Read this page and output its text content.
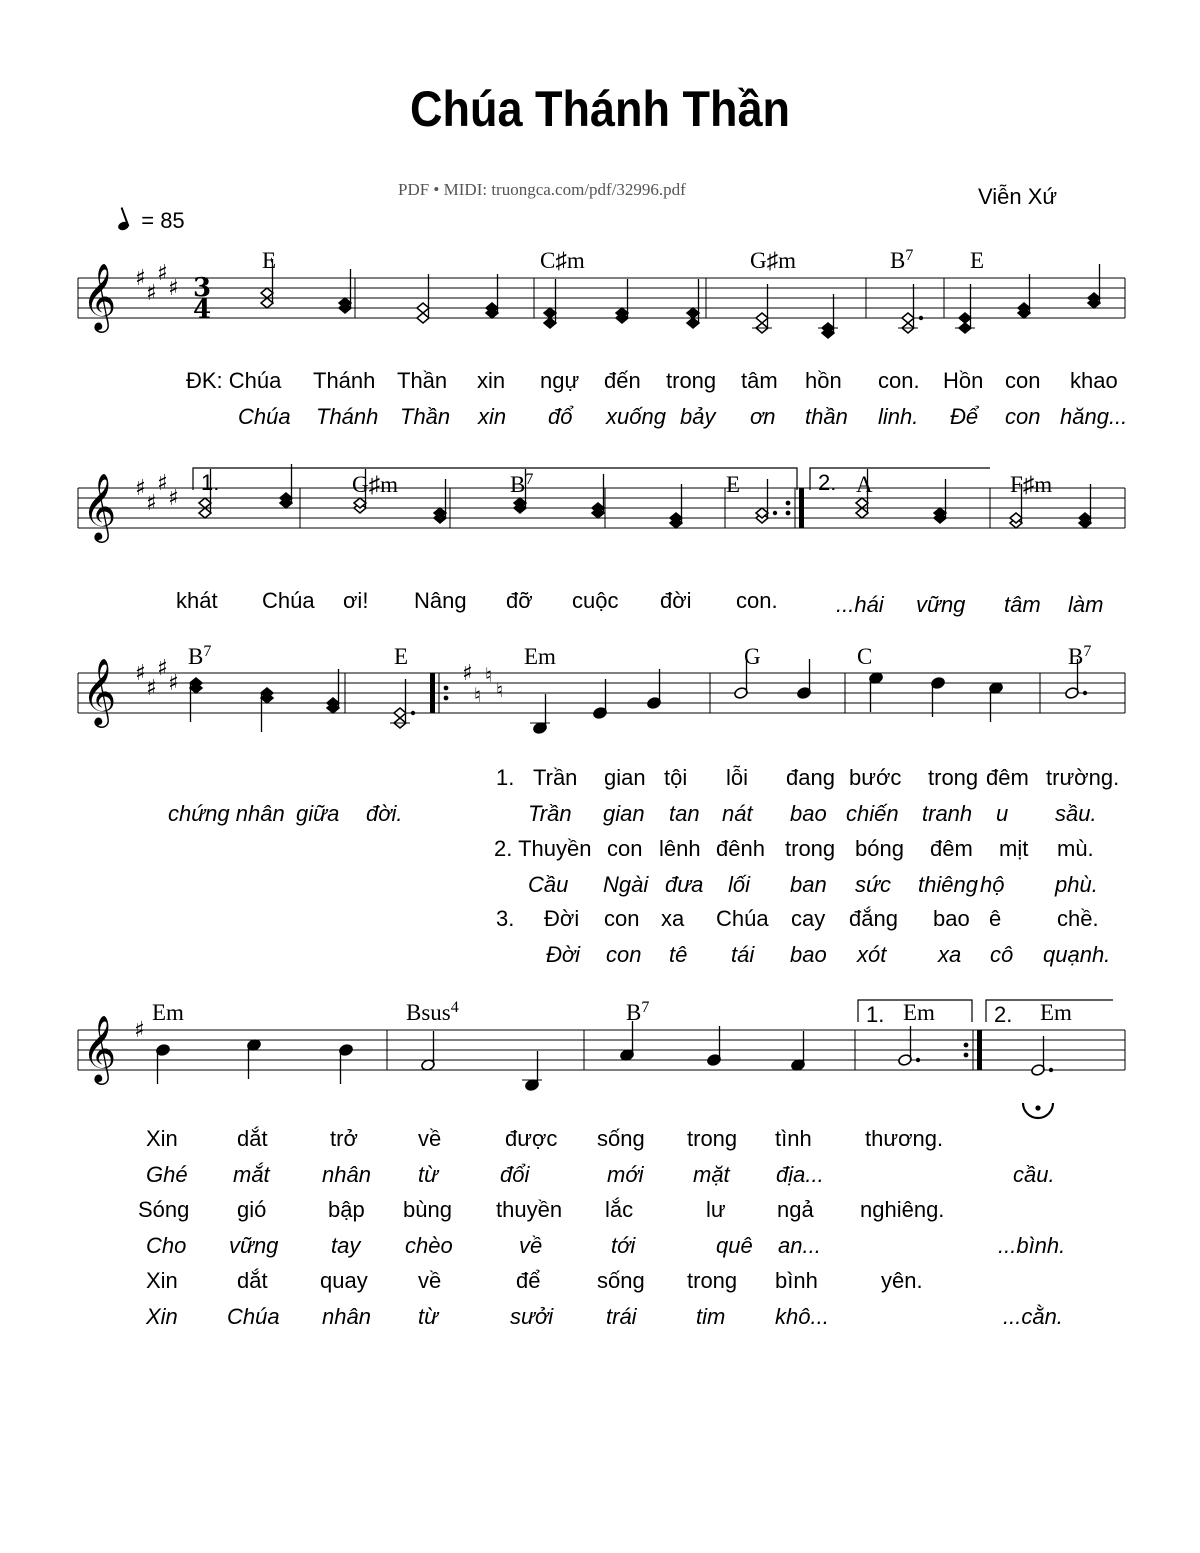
Chúa Thánh Thần
PDF • MIDI: truongca.com/pdf/32996.pdf	Viễn Xứ
= 85
𝄞 ♯
♯
♯
♯ 3
4
E	C♯m	G♯m	$B^7$ E
𝄞 ♯
♯
♯
♯
1.	2.
G♯m	$B^7$	E	A	F♯m
𝄞 ♯
♯
♯
♯	♯
♮
♮
♮
$B^7$	E	Em	G	C	$B^7$
𝄞 ♯
1.	2.
Em	Bsus$^4$	$B^7$	Em	Em
ĐK: Chúa Thánh Thần xin ngự đến trong tâm hồn con. Hồn con khao
Chúa Thánh Thần xin đổ xuống bảy ơn thần linh. Để con hăng...
khát Chúa ơi! Nâng đỡ cuộc đời con.	...hái vững tâm làm
chứng nhân giữa đời.
1. Trần gian tội lỗi đang bước trong đêm trường.
Trần gian tan nát bao chiến tranh u sầu.
2. Thuyền con lênh đênh trong bóng đêm mịt mù.
Cầu Ngài đưa lối ban sức thiêng hộ phù.
3. Đời con xa Chúa cay đắng bao ê	chề.
Đời con tê tái bao xót xa cô quạnh.
Xin	dắt	trở	về	được sống trong tình thương.
Ghé mắt nhân từ	đổi	mới mặt địa...	cầu.
Sóng gió	bập bùng thuyền lắc	lư ngả nghiêng.
Cho vững tay chèo	về	tới	quê an...	...bình.
Xin	dắt quay về	để	sống trong bình	yên.
Xin Chúa nhân từ	sưởi trái	tim khô...	...cằn.
